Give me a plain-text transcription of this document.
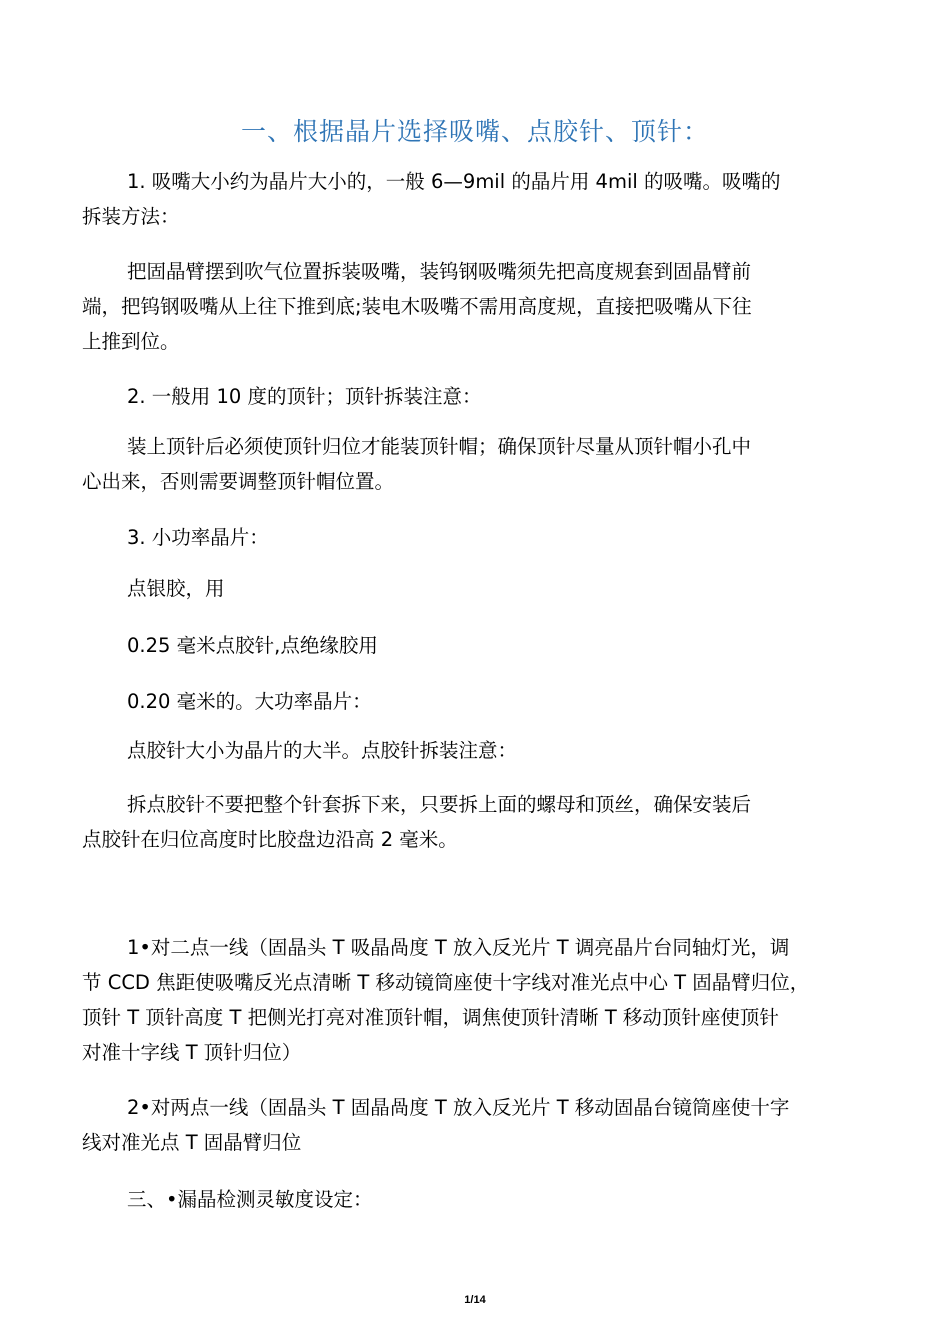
一、根据晶片选择吸嘴、点胶针、顶针：

1. 吸嘴大小约为晶片大小的，一般 6—9mil 的晶片用 4mil 的吸嘴。吸嘴的
拆装方法：

把固晶臂摆到吹气位置拆装吸嘴，装钨钢吸嘴须先把高度规套到固晶臂前
端，把钨钢吸嘴从上往下推到底;装电木吸嘴不需用高度规，直接把吸嘴从下往
上推到位。

2. 一般用 10 度的顶针；顶针拆装注意：

装上顶针后必须使顶针归位才能装顶针帽；确保顶针尽量从顶针帽小孔中
心出来，否则需要调整顶针帽位置。

3. 小功率晶片：

点银胶，用

0.25 毫米点胶针,点绝缘胶用

0.20 毫米的。大功率晶片：

点胶针大小为晶片的大半。点胶针拆装注意：

拆点胶针不要把整个针套拆下来，只要拆上面的螺母和顶丝，确保安装后
点胶针在归位高度时比胶盘边沿高 2 毫米。

1•对二点一线（固晶头 T 吸晶咼度 T 放入反光片 T 调亮晶片台同轴灯光，调
节 CCD 焦距使吸嘴反光点清晰 T 移动镜筒座使十字线对准光点中心 T 固晶臂归位，
顶针 T 顶针高度 T 把侧光打亮对准顶针帽，调焦使顶针清晰 T 移动顶针座使顶针
对准十字线 T 顶针归位）

2•对两点一线（固晶头 T 固晶咼度 T 放入反光片 T 移动固晶台镜筒座使十字
线对准光点 T 固晶臂归位

三、•漏晶检测灵敏度设定：

1/14
